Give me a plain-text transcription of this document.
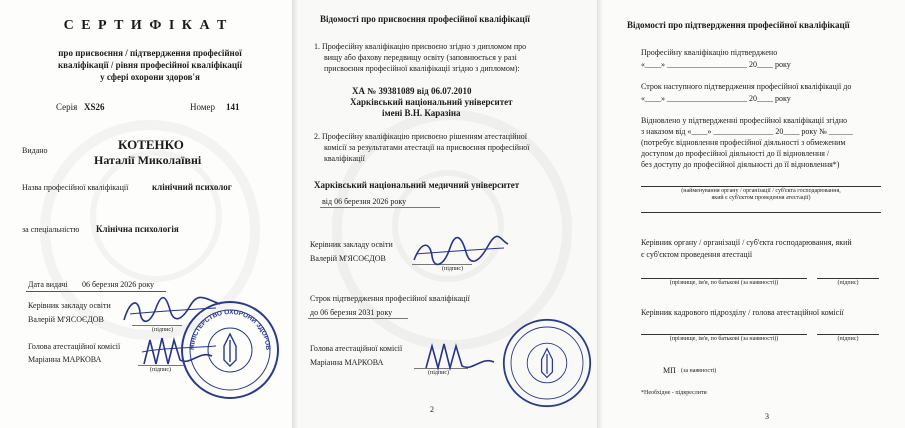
С Е Р Т И Ф І К А Т
про присвоєння / підтвердження професійної
кваліфікації / рівня професійної кваліфікації
у сфері охорони здоров'я
Серія XS26	Номер 141
Видано	КОТЕНКО
Наталії Миколаївні
Назва професійної кваліфікації	клінічний психолог
за спеціальністю Клінічна психологія
Дата видачі 06 березня 2026 року
Керівник закладу освіти
Валерій М'ЯСОЄДОВ
(підпис)
Голова атестаційної комісії
Маріанна МАРКОВА
(підпис)
МІНІСТЕРСТВО ОХОРОНИ ЗДОРОВ'Я УКРАЇНИ
Відомості про присвоєння професійної кваліфікації
1. Професійну кваліфікацію присвоєно згідно з дипломом про
вищу або фахову передвищу освіту (заповнюється у разі
присвоєння професійної кваліфікації згідно з дипломом):
ХА № 39381089 від 06.07.2010
Харківський національний університет
імені В.Н. Каразіна
2. Професійну кваліфікацію присвоєно рішенням атестаційної
комісії за результатами атестації на присвоєння професійної
кваліфікації
Харківський національний медичний університет
від 06 березня 2026 року
Керівник закладу освіти
Валерій М'ЯСОЄДОВ
(підпис)
Строк підтвердження професійної кваліфікації
до 06 березня 2031 року
Голова атестаційної комісії
Маріанна МАРКОВА
(підпис)
2
Відомості про підтвердження професійної кваліфікації
Професійну кваліфікацію підтверджено
«____» ____________________ 20____ року
Строк наступного підтвердження професійної кваліфікації до
«____» ____________________ 20____ року
Відновлено у підтвердженні професійної кваліфікації згідно
з наказом від «____» _______________ 20____ року № ______
(потребує відновлення професійної діяльності з обмеженим
доступом до професійної діяльності до її відновлення /
без доступу до професійної діяльності до її відновлення*)
(найменування органу / організації / суб'єкта господарювання,
який є суб'єктом проведення атестації)
Керівник органу / організації / суб'єкта господарювання, який
є суб'єктом проведення атестації
(прізвище, ім'я, по батькові (за наявності))	(підпис)
Керівник кадрового підрозділу / голова атестаційної комісії
(прізвище, ім'я, по батькові (за наявності))	(підпис)
МП (за наявності)
*Необхідне - підкреслити
3
